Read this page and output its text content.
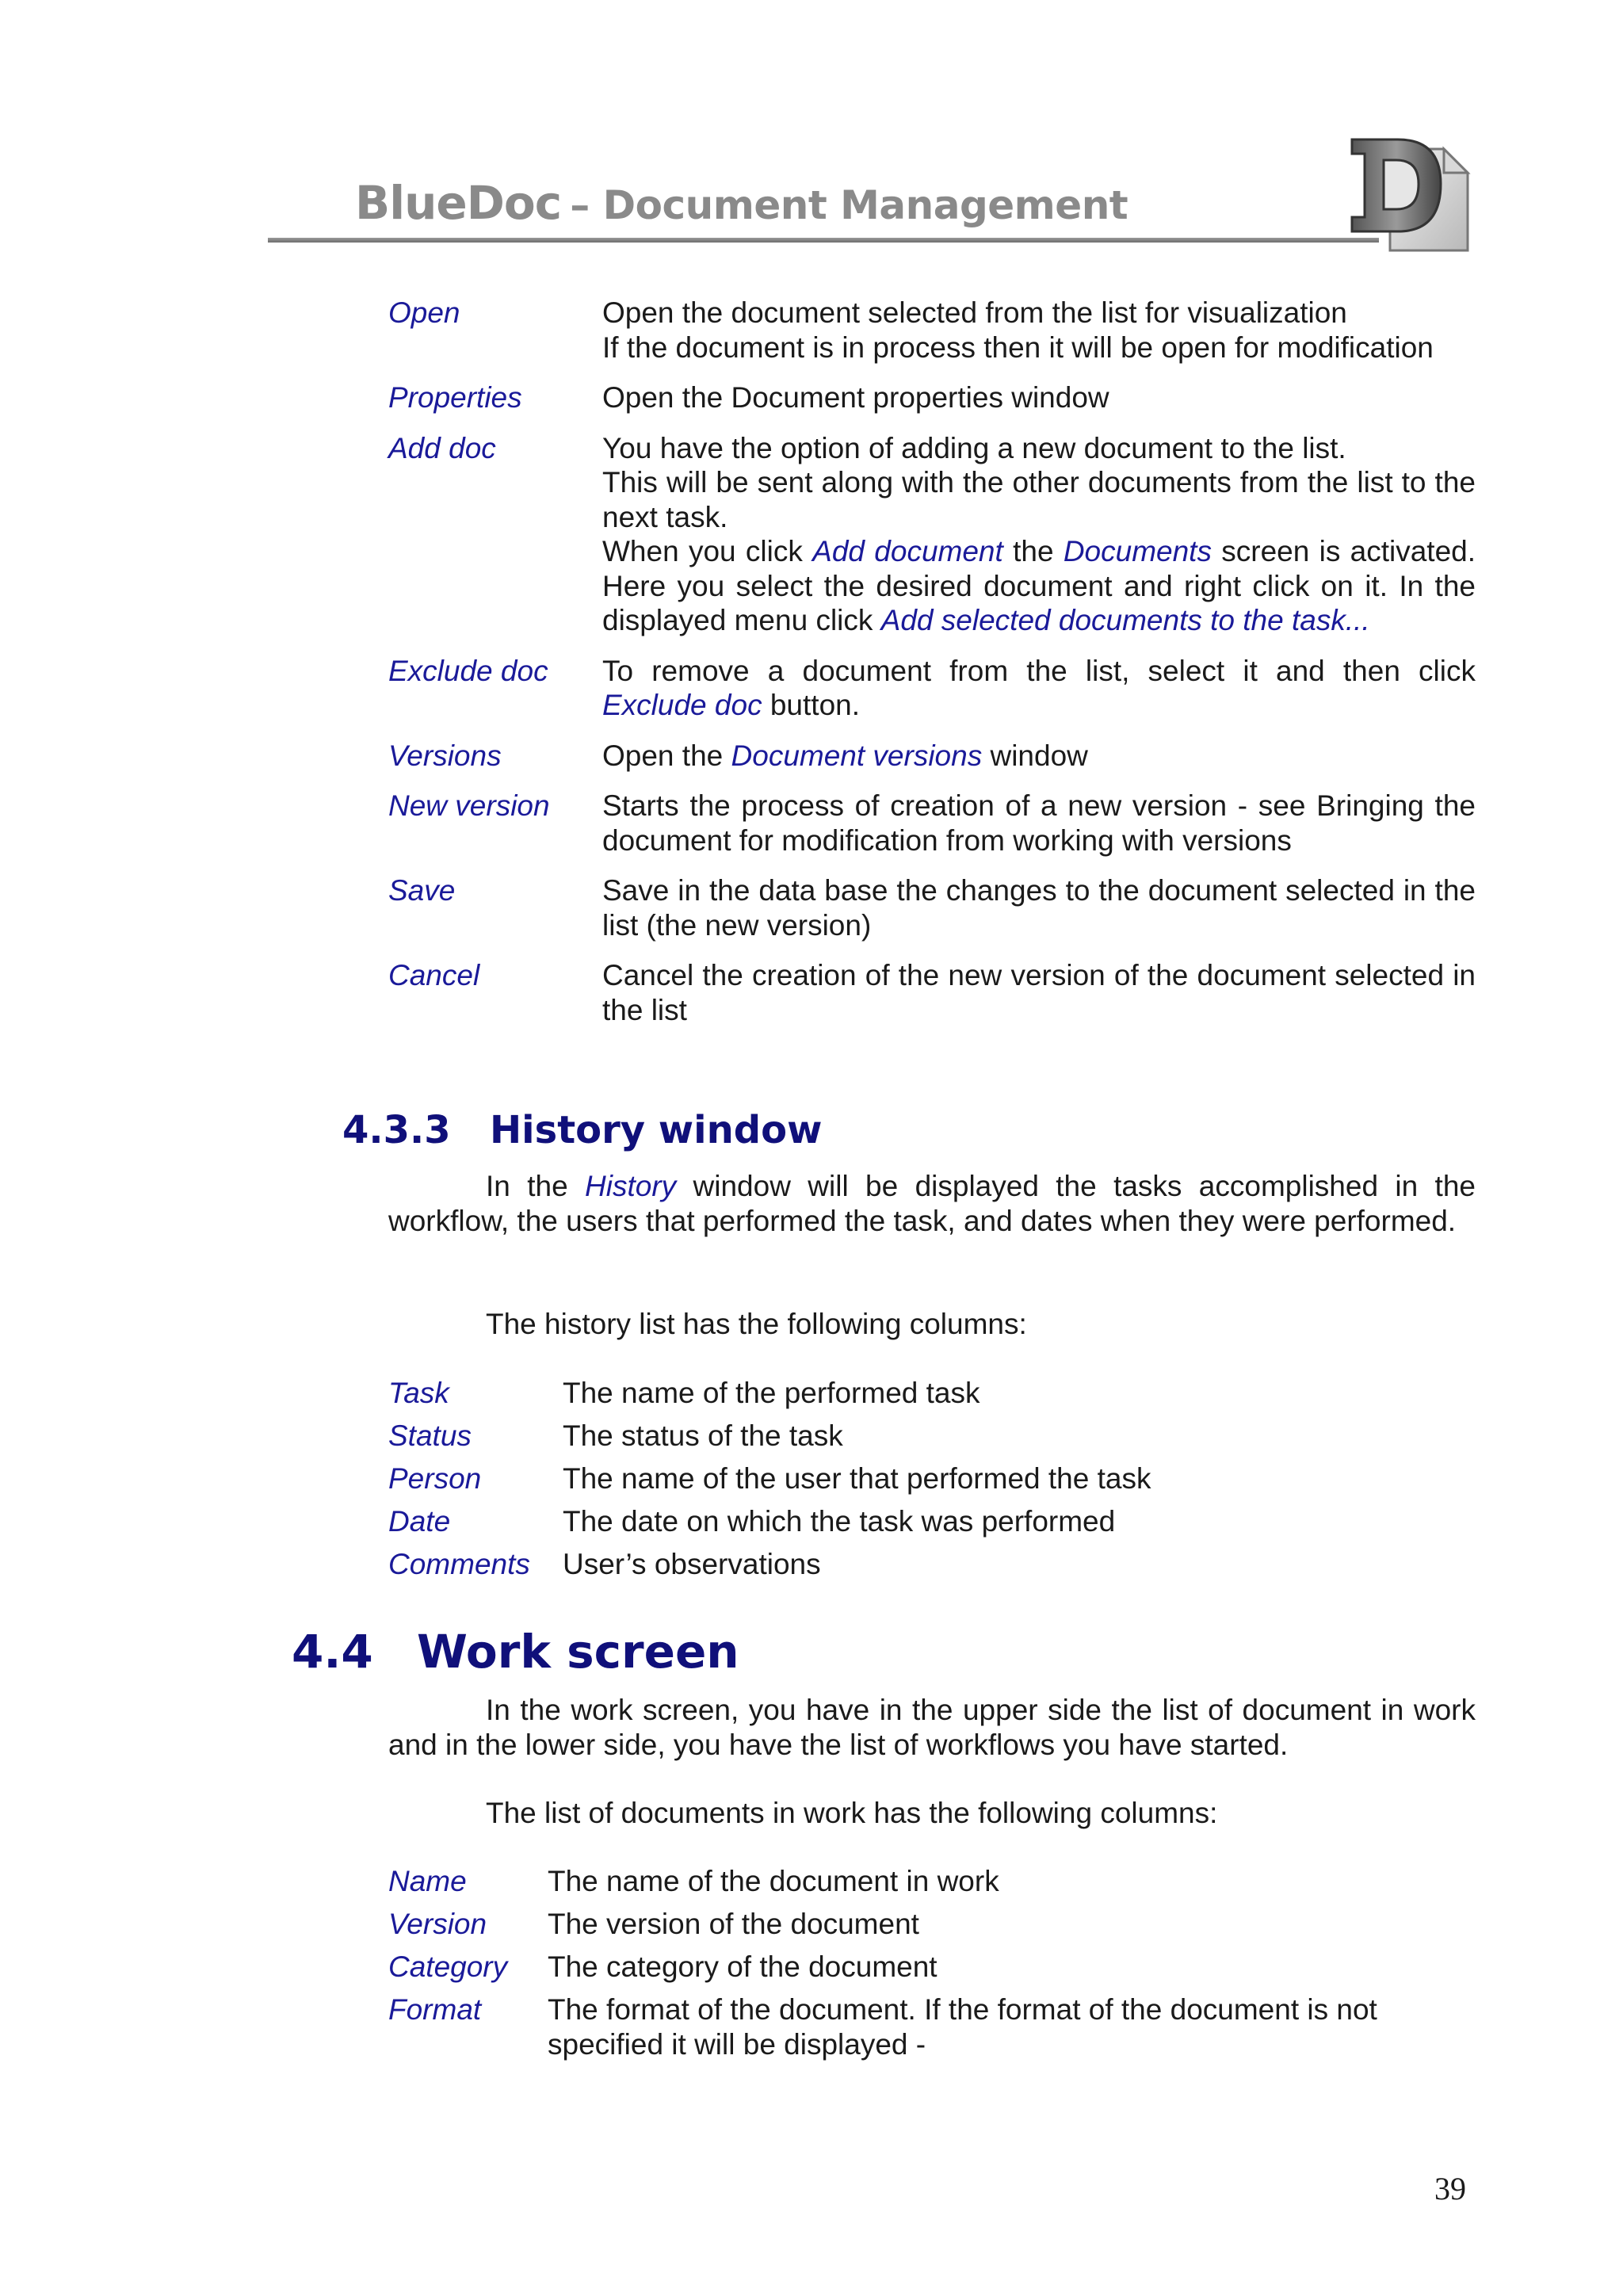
BlueDoc – Document Management
Open	Open the document selected from the list for visualization
If the document is in process then it will be open for modification
Properties	Open the Document properties window
Add doc	You have the option of adding a new document to the list.
This will be sent along with the other documents from the list to the next task.
When you click Add document the Documents screen is activated. Here you select the desired document and right click on it. In the displayed menu click Add selected documents to the task...
Exclude doc	To remove a document from the list, select it and then click Exclude doc button.
Versions	Open the Document versions window
New version	Starts the process of creation of a new version - see Bringing the document for modification from working with versions
Save	Save in the data base the changes to the document selected in the list (the new version)
Cancel	Cancel the creation of the new version of the document selected in the list
4.3.3 History window

In the History window will be displayed the tasks accomplished in the workflow, the users that performed the task, and dates when they were performed.

The history list has the following columns:

Task	The name of the performed task
Status	The status of the task
Person	The name of the user that performed the task
Date	The date on which the task was performed
Comments	User’s observations
4.4 Work screen

In the work screen, you have in the upper side the list of document in work and in the lower side, you have the list of workflows you have started.

The list of documents in work has the following columns:

Name	The name of the document in work
Version	The version of the document
Category	The category of the document
Format	The format of the document. If the format of the document is not specified it will be displayed -

39
